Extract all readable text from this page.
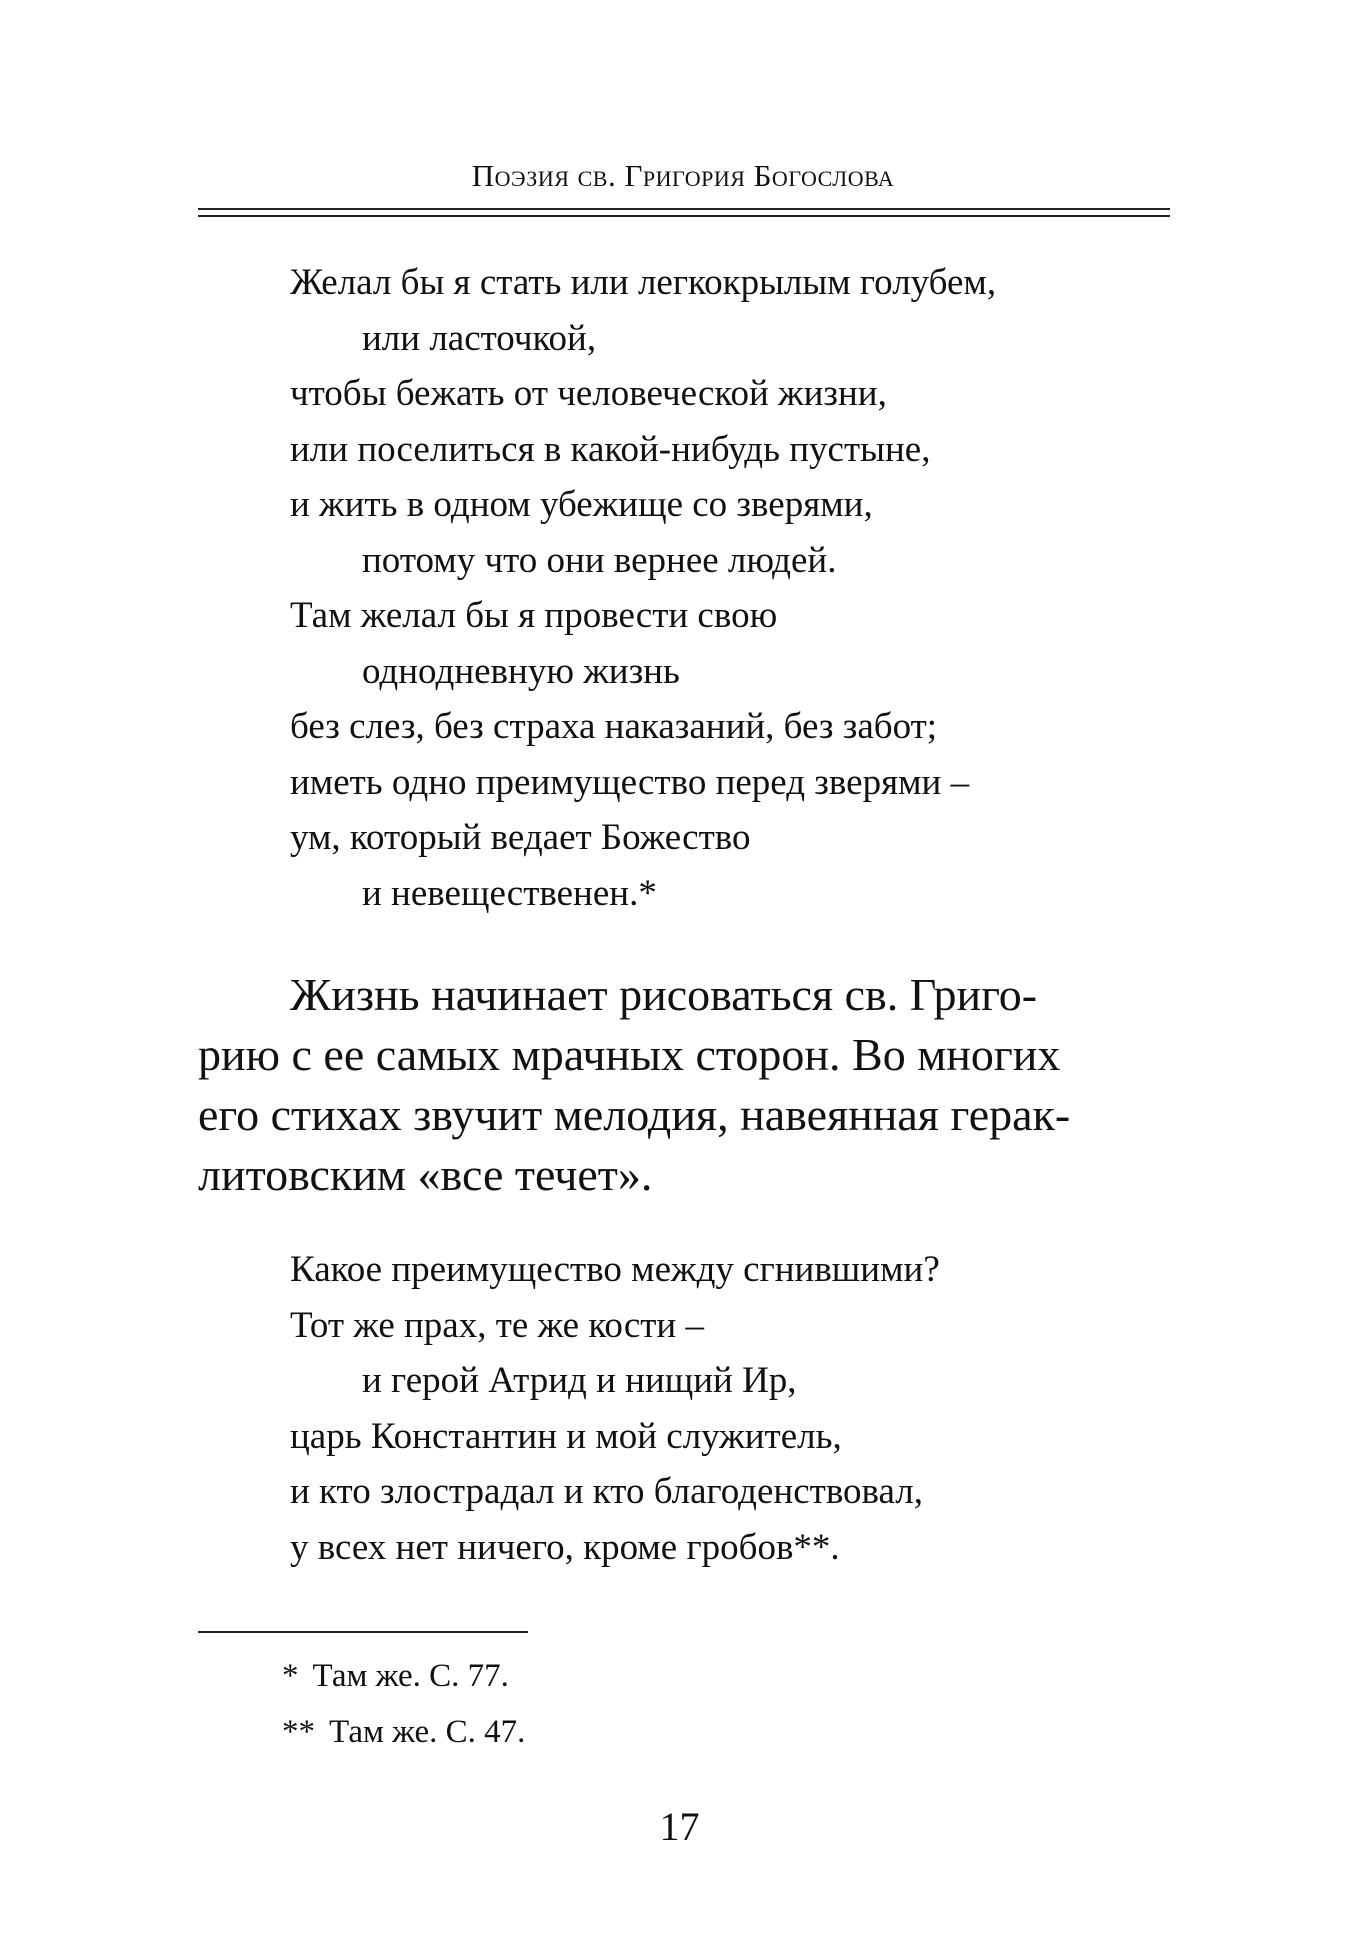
Поэзия св. Григория Богослова
Желал бы я стать или легкокрылым голубем,
или ласточкой,
чтобы бежать от человеческой жизни,
или поселиться в какой-нибудь пустыне,
и жить в одном убежище со зверями,
потому что они вернее людей.
Там желал бы я провести свою
однодневную жизнь
без слез, без страха наказаний, без забот;
иметь одно преимущество перед зверями –
ум, который ведает Божество
и невещественен.*
Жизнь начинает рисоваться св. Григо-
рию с ее самых мрачных сторон. Во многих
его стихах звучит мелодия, навеянная герак-
литовским «все течет».
Какое преимущество между сгнившими?
Тот же прах, те же кости –
и герой Атрид и нищий Ир,
царь Константин и мой служитель,
и кто злострадал и кто благоденствовал,
у всех нет ничего, кроме гробов**.
* Там же. С. 77.
** Там же. С. 47.
17
